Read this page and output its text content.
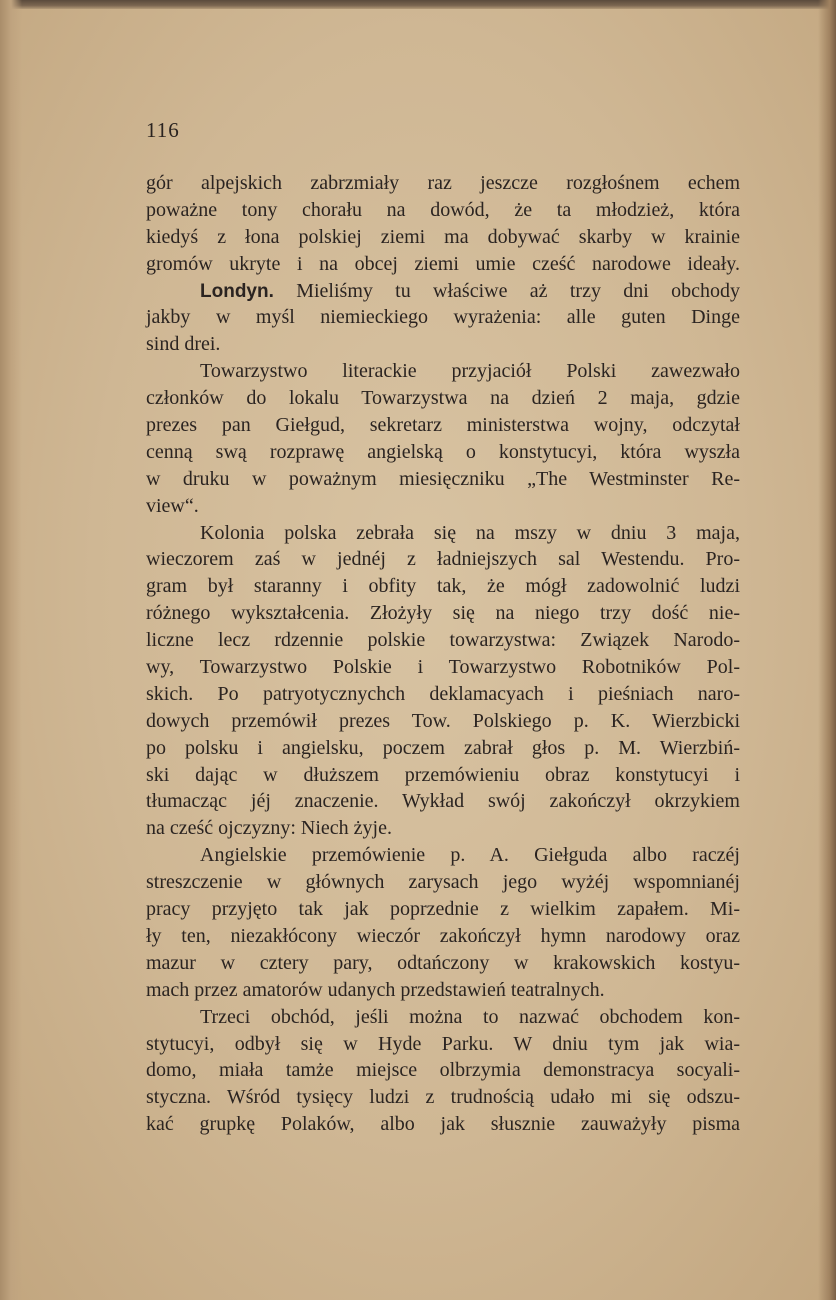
116
gór alpejskich zabrzmiały raz jeszcze rozgłośnem echem
poważne tony chorału na dowód, że ta młodzież, która
kiedyś z łona polskiej ziemi ma dobywać skarby w krainie
gromów ukryte i na obcej ziemi umie cześć narodowe ideały.
Londyn. Mieliśmy tu właściwe aż trzy dni obchody
jakby w myśl niemieckiego wyrażenia: alle guten Dinge
sind drei.
Towarzystwo literackie przyjaciół Polski zawezwało
członków do lokalu Towarzystwa na dzień 2 maja, gdzie
prezes pan Giełgud, sekretarz ministerstwa wojny, odczytał
cenną swą rozprawę angielską o konstytucyi, która wyszła
w druku w poważnym miesięczniku „The Westminster Re-
view“.
Kolonia polska zebrała się na mszy w dniu 3 maja,
wieczorem zaś w jednéj z ładniejszych sal Westendu. Pro-
gram był staranny i obfity tak, że mógł zadowolnić ludzi
różnego wykształcenia. Złożyły się na niego trzy dość nie-
liczne lecz rdzennie polskie towarzystwa: Związek Narodo-
wy, Towarzystwo Polskie i Towarzystwo Robotników Pol-
skich. Po patryotycznychch deklamacyach i pieśniach naro-
dowych przemówił prezes Tow. Polskiego p. K. Wierzbicki
po polsku i angielsku, poczem zabrał głos p. M. Wierzbiń-
ski dając w dłuższem przemówieniu obraz konstytucyi i
tłumacząc jéj znaczenie. Wykład swój zakończył okrzykiem
na cześć ojczyzny: Niech żyje.
Angielskie przemówienie p. A. Giełguda albo raczéj
streszczenie w głównych zarysach jego wyżéj wspomnianéj
pracy przyjęto tak jak poprzednie z wielkim zapałem. Mi-
ły ten, niezakłócony wieczór zakończył hymn narodowy oraz
mazur w cztery pary, odtańczony w krakowskich kostyu-
mach przez amatorów udanych przedstawień teatralnych.
Trzeci obchód, jeśli można to nazwać obchodem kon-
stytucyi, odbył się w Hyde Parku. W dniu tym jak wia-
domo, miała tamże miejsce olbrzymia demonstracya socyali-
styczna. Wśród tysięcy ludzi z trudnością udało mi się odszu-
kać grupkę Polaków, albo jak słusznie zauważyły pisma
